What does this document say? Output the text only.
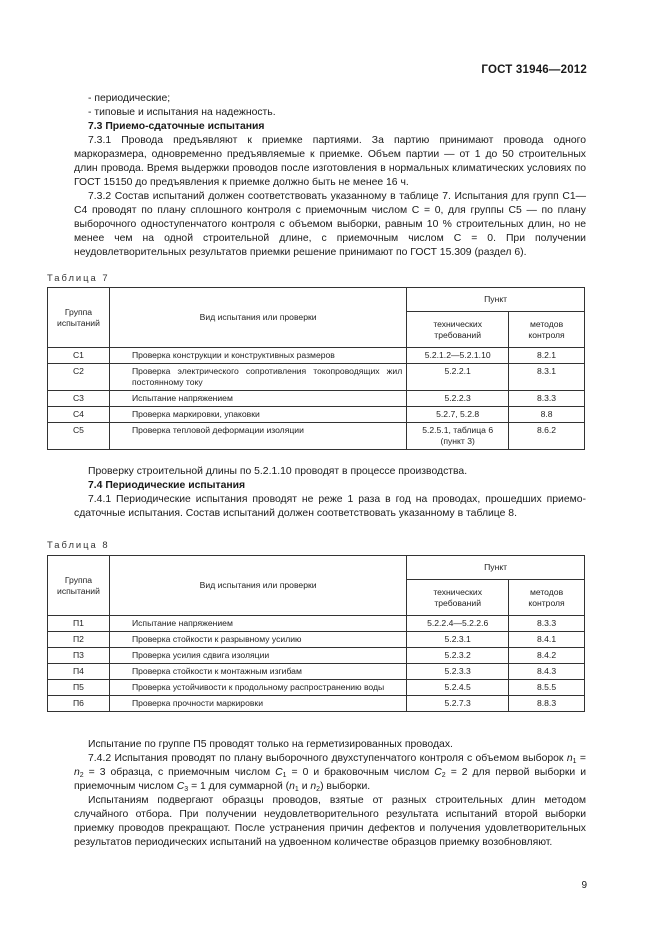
ГОСТ 31946—2012

- периодические;

- типовые и испытания на надежность.

7.3 Приемо-сдаточные испытания

7.3.1 Провода предъявляют к приемке партиями. За партию принимают провода одного маркоразмера, одновременно предъявляемые к приемке. Объем партии — от 1 до 50 строительных длин провода. Время выдержки проводов после изготовления в нормальных климатических условиях по ГОСТ 15150 до предъявления к приемке должно быть не менее 16 ч.

7.3.2 Состав испытаний должен соответствовать указанному в таблице 7. Испытания для групп С1—С4 проводят по плану сплошного контроля с приемочным числом C = 0, для группы С5 — по плану выборочного одноступенчатого контроля с объемом выборки, равным 10 % строительных длин, но не менее чем на одной строительной длине, с приемочным числом C = 0. При получении неудовлетворительных результатов приемки решение принимают по ГОСТ 15.309 (раздел 6).

Таблица 7
Группа испытаний	Вид испытания или проверки	Пункт	
		технических требований	методов контроля
С1	Проверка конструкции и конструктивных размеров	5.2.1.2—5.2.1.10	8.2.1
С2	Проверка электрического сопротивления токопроводящих жил постоянному току	5.2.2.1	8.3.1
С3	Испытание напряжением	5.2.2.3	8.3.3
С4	Проверка маркировки, упаковки	5.2.7, 5.2.8	8.8
С5	Проверка тепловой деформации изоляции	5.2.5.1, таблица 6 (пункт 3)	8.6.2

Проверку строительной длины по 5.2.1.10 проводят в процессе производства.

7.4 Периодические испытания

7.4.1 Периодические испытания проводят не реже 1 раза в год на проводах, прошедших приемо-сдаточные испытания. Состав испытаний должен соответствовать указанному в таблице 8.

Таблица 8
Группа испытаний	Вид испытания или проверки	Пункт	
		технических требований	методов контроля
П1	Испытание напряжением	5.2.2.4—5.2.2.6	8.3.3
П2	Проверка стойкости к разрывному усилию	5.2.3.1	8.4.1
П3	Проверка усилия сдвига изоляции	5.2.3.2	8.4.2
П4	Проверка стойкости к монтажным изгибам	5.2.3.3	8.4.3
П5	Проверка устойчивости к продольному распространению воды	5.2.4.5	8.5.5
П6	Проверка прочности маркировки	5.2.7.3	8.8.3

Испытание по группе П5 проводят только на герметизированных проводах.

7.4.2 Испытания проводят по плану выборочного двухступенчатого контроля с объемом выборок $n_1 = n_2 = 3$ образца, с приемочным числом $C_1 = 0$ и браковочным числом $C_2 = 2$ для первой выборки и приемочным числом $C_3 = 1$ для суммарной ($n_1$ и $n_2$) выборки.

Испытаниям подвергают образцы проводов, взятые от разных строительных длин методом случайного отбора. При получении неудовлетворительного результата испытаний второй выборки приемку проводов прекращают. После устранения причин дефектов и получения удовлетворительных результатов периодических испытаний на удвоенном количестве образцов приемку возобновляют.

9
